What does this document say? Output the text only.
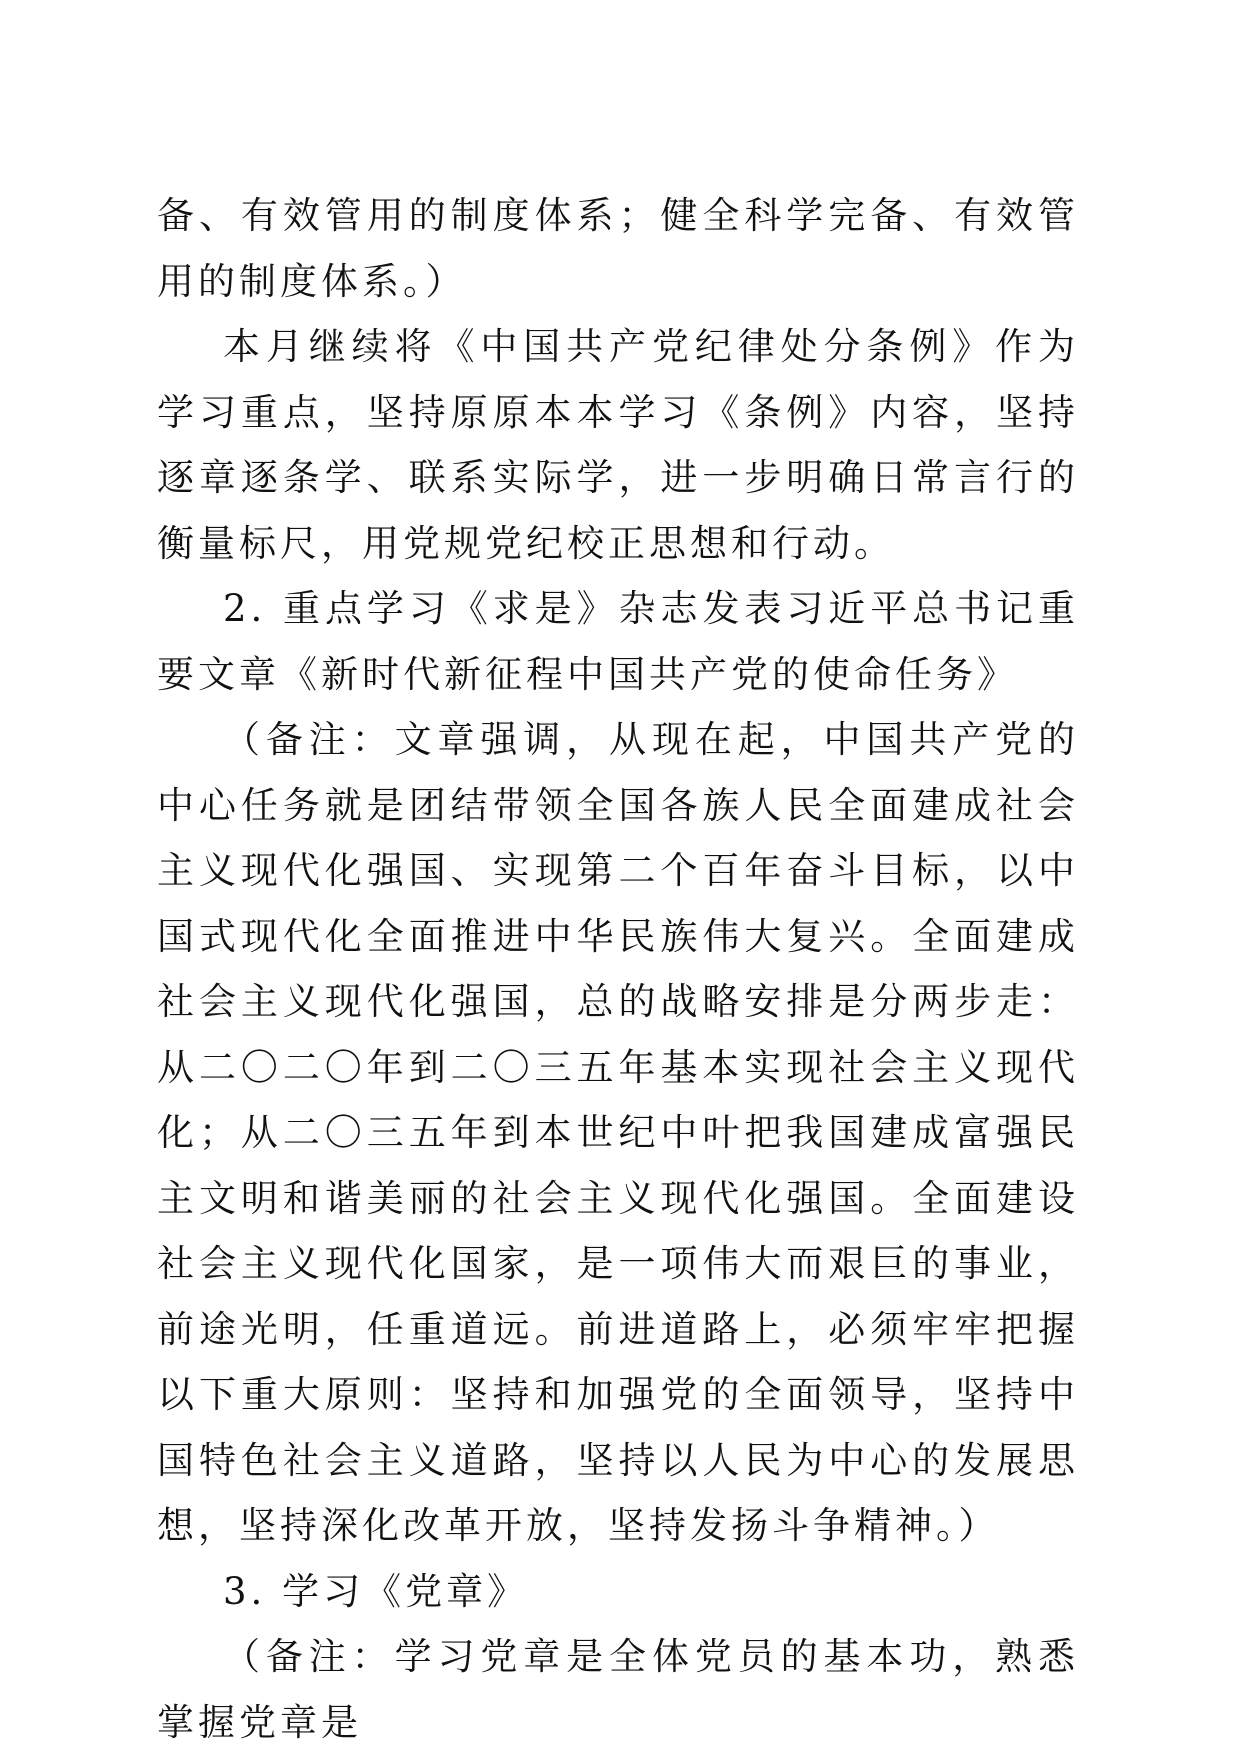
备、有效管用的制度体系；健全科学完备、有效管用的制度体系。）

本月继续将《中国共产党纪律处分条例》作为学习重点，坚持原原本本学习《条例》内容，坚持逐章逐条学、联系实际学，进一步明确日常言行的衡量标尺，用党规党纪校正思想和行动。

2. 重点学习《求是》杂志发表习近平总书记重要文章《新时代新征程中国共产党的使命任务》

（备注：文章强调，从现在起，中国共产党的中心任务就是团结带领全国各族人民全面建成社会主义现代化强国、实现第二个百年奋斗目标，以中国式现代化全面推进中华民族伟大复兴。全面建成社会主义现代化强国，总的战略安排是分两步走：从二〇二〇年到二〇三五年基本实现社会主义现代化；从二〇三五年到本世纪中叶把我国建成富强民主文明和谐美丽的社会主义现代化强国。全面建设社会主义现代化国家，是一项伟大而艰巨的事业，前途光明，任重道远。前进道路上，必须牢牢把握以下重大原则：坚持和加强党的全面领导，坚持中国特色社会主义道路，坚持以人民为中心的发展思想，坚持深化改革开放，坚持发扬斗争精神。）

3. 学习《党章》

（备注：学习党章是全体党员的基本功，熟悉掌握党章是
